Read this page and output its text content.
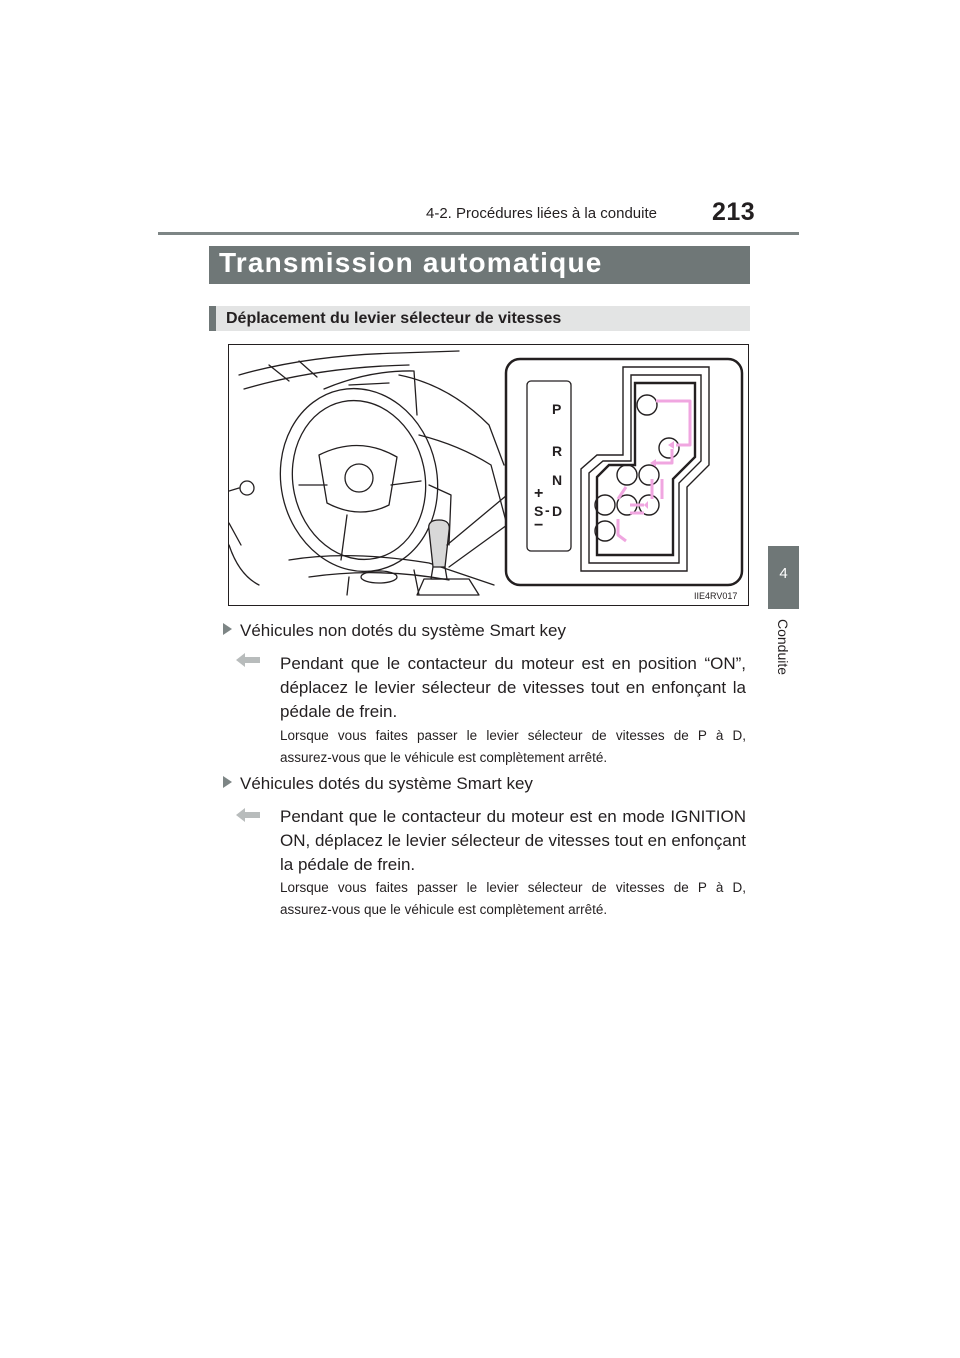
4-2. Procédures liées à la conduite 213
4
Conduite
Transmission automatique
Déplacement du levier sélecteur de vitesses
P
R
N
+
S - D
−
IIE4RV017
Véhicules non dotés du système Smart key
Pendant que le contacteur du moteur est en position “ON”,
déplacez le levier sélecteur de vitesses tout en enfonçant la
pédale de frein.
Lorsque vous faites passer le levier sélecteur de vitesses de P à D,
assurez-vous que le véhicule est complètement arrêté.
Véhicules dotés du système Smart key
Pendant que le contacteur du moteur est en mode IGNITION
ON, déplacez le levier sélecteur de vitesses tout en enfonçant
la pédale de frein.
Lorsque vous faites passer le levier sélecteur de vitesses de P à D,
assurez-vous que le véhicule est complètement arrêté.
